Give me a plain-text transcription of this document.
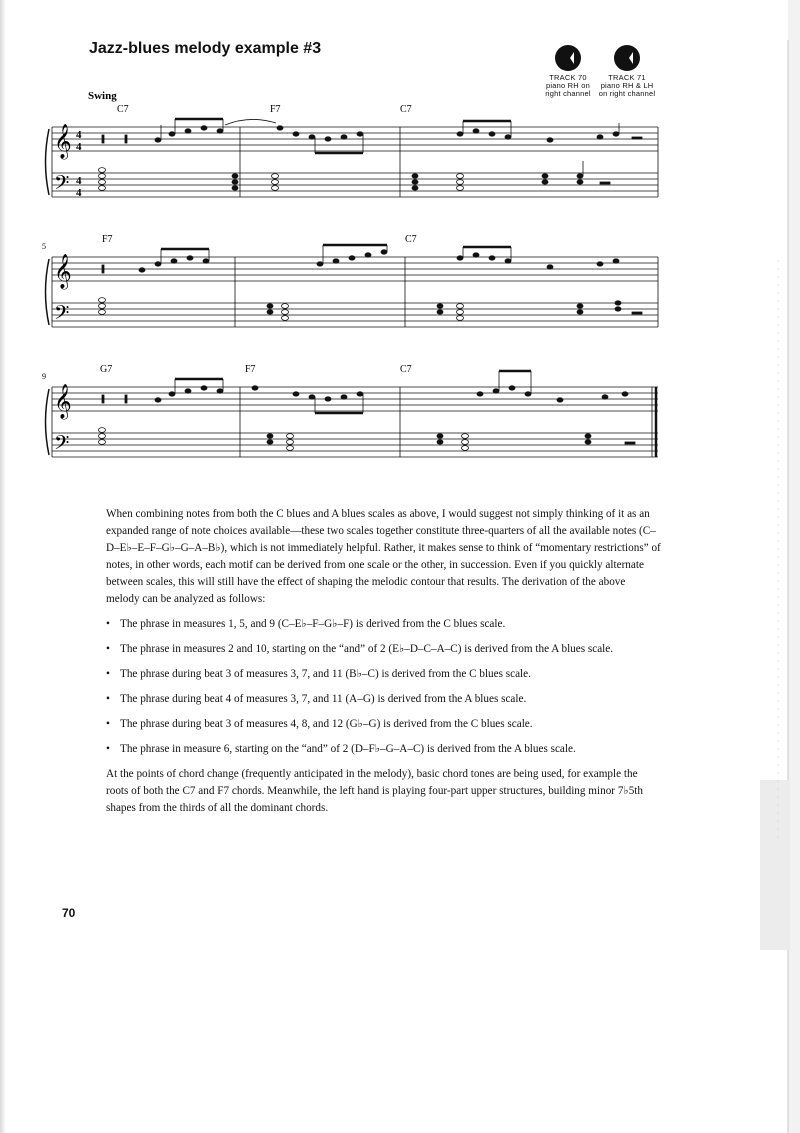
Jazz-blues melody example #3
TRACK 70
piano RH on
right channel
TRACK 71
piano RH & LH
on right channel
Swing
C7	F7	C7
𝄞
𝄢
4
4
4
4
5
F7	C7
𝄞
𝄢
9
G7	F7	C7
𝄞
𝄢

When combining notes from both the C blues and A blues scales as above, I would suggest not simply thinking of it as an expanded range of note choices available—these two scales together constitute three-quarters of all the available notes (C–D–E♭–E–F–G♭–G–A–B♭), which is not immediately helpful. Rather, it makes sense to think of “momentary restrictions” of notes, in other words, each motif can be derived from one scale or the other, in succession. Even if you quickly alternate between scales, this will still have the effect of shaping the melodic contour that results. The derivation of the above melody can be analyzed as follows:

• The phrase in measures 1, 5, and 9 (C–E♭–F–G♭–F) is derived from the C blues scale.
• The phrase in measures 2 and 10, starting on the “and” of 2 (E♭–D–C–A–C) is derived from the A blues scale.
• The phrase during beat 3 of measures 3, 7, and 11 (B♭–C) is derived from the C blues scale.
• The phrase during beat 4 of measures 3, 7, and 11 (A–G) is derived from the A blues scale.
• The phrase during beat 3 of measures 4, 8, and 12 (G♭–G) is derived from the C blues scale.
• The phrase in measure 6, starting on the “and” of 2 (D–F♭–G–A–C) is derived from the A blues scale.

At the points of chord change (frequently anticipated in the melody), basic chord tones are being used, for example the roots of both the C7 and F7 chords. Meanwhile, the left hand is playing four-part upper structures, building minor 7♭5th shapes from the thirds of all the dominant chords.

70
